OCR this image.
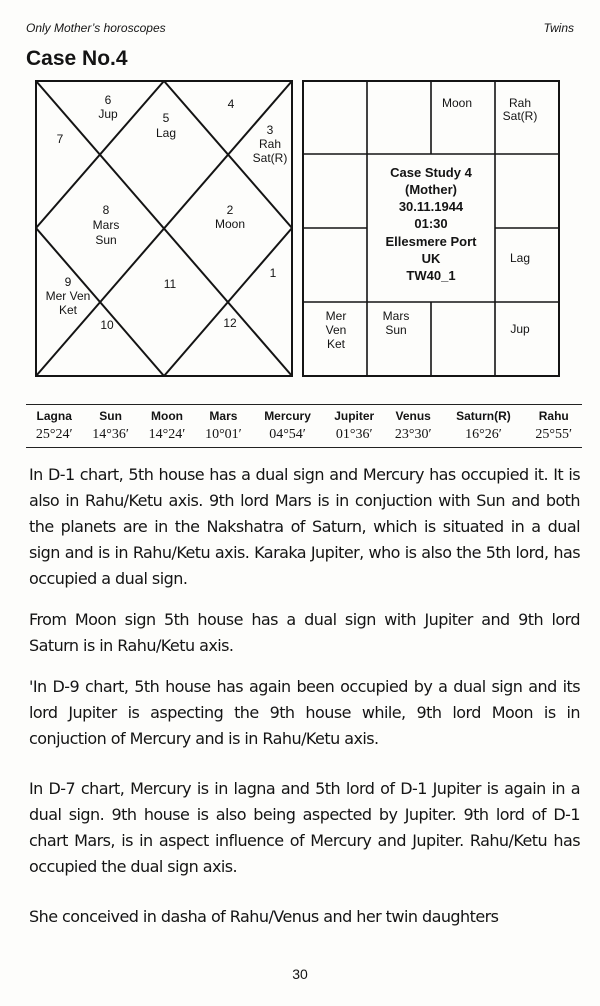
Only Mother’s horoscopes	Twins
Case No.4
1
2
Moon
3
Rah
Sat(R)
4
5
Lag
6
Jup
7
8
Mars
Sun
9
Mer Ven
Ket
10
11
12
Moon	Rah
Sat(R)
Lag
Jup
Mars
Sun
Mer
Ven
Ket
Case Study 4
(Mother)
30.11.1944
01:30
Ellesmere Port
UK
TW40_1
Lagna	Sun	Moon	Mars	Mercury	Jupiter	Venus	Saturn(R)	Rahu
25°24′	14°36′	14°24′	10°01′	04°54′	01°36′	23°30′	16°26′	25°55′

In D-1 chart, 5th house has a dual sign and Mercury has occupied it. It is also in Rahu/Ketu axis. 9th lord Mars is in conjuction with Sun and both the planets are in the Nakshatra of Saturn, which is situated in a dual sign and is in Rahu/Ketu axis. Karaka Jupiter, who is also the 5th lord, has occupied a dual sign.

From Moon sign 5th house has a dual sign with Jupiter and 9th lord Saturn is in Rahu/Ketu axis.

'In D-9 chart, 5th house has again been occupied by a dual sign and its lord Jupiter is aspecting the 9th house while, 9th lord Moon is in conjuction of Mercury and is in Rahu/Ketu axis.

In D-7 chart, Mercury is in lagna and 5th lord of D-1 Jupiter is again in a dual sign. 9th house is also being aspected by Jupiter. 9th lord of D-1 chart Mars, is in aspect influence of Mercury and Jupiter. Rahu/Ketu has occupied the dual sign axis.

She conceived in dasha of Rahu/Venus and her twin daughters

30
